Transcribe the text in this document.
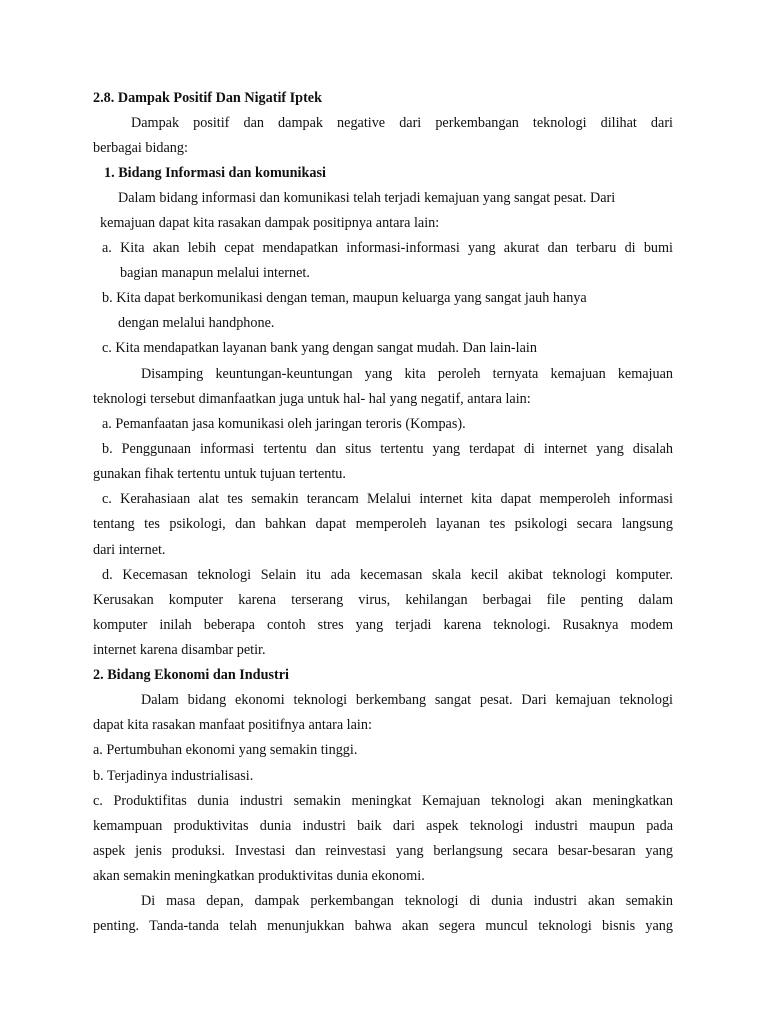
2.8. Dampak Positif Dan Nigatif Iptek

Dampak positif dan dampak negative dari perkembangan teknologi dilihat dari

berbagai bidang:

1. Bidang Informasi dan komunikasi

Dalam bidang informasi dan komunikasi telah terjadi kemajuan yang sangat pesat. Dari

kemajuan dapat kita rasakan dampak positipnya antara lain:

a. Kita akan lebih cepat mendapatkan informasi-informasi yang akurat dan terbaru di bumi

bagian manapun melalui internet.

b. Kita dapat berkomunikasi dengan teman, maupun keluarga yang sangat jauh hanya

dengan melalui handphone.

c. Kita mendapatkan layanan bank yang dengan sangat mudah. Dan lain-lain

Disamping keuntungan-keuntungan yang kita peroleh ternyata kemajuan kemajuan

teknologi tersebut dimanfaatkan juga untuk hal- hal yang negatif, antara lain:

a. Pemanfaatan jasa komunikasi oleh jaringan teroris (Kompas).

b. Penggunaan informasi tertentu dan situs tertentu yang terdapat di internet yang disalah

gunakan fihak tertentu untuk tujuan tertentu.

c. Kerahasiaan alat tes semakin terancam Melalui internet kita dapat memperoleh informasi

tentang tes psikologi, dan bahkan dapat memperoleh layanan tes psikologi secara langsung

dari internet.

d. Kecemasan teknologi Selain itu ada kecemasan skala kecil akibat teknologi komputer.

Kerusakan komputer karena terserang virus, kehilangan berbagai file penting dalam

komputer inilah beberapa contoh stres yang terjadi karena teknologi. Rusaknya modem

internet karena disambar petir.

2. Bidang Ekonomi dan Industri

Dalam bidang ekonomi teknologi berkembang sangat pesat. Dari kemajuan teknologi

dapat kita rasakan manfaat positifnya antara lain:

a. Pertumbuhan ekonomi yang semakin tinggi.

b. Terjadinya industrialisasi.

c. Produktifitas dunia industri semakin meningkat Kemajuan teknologi akan meningkatkan

kemampuan produktivitas dunia industri baik dari aspek teknologi industri maupun pada

aspek jenis produksi. Investasi dan reinvestasi yang berlangsung secara besar-besaran yang

akan semakin meningkatkan produktivitas dunia ekonomi.

Di masa depan, dampak perkembangan teknologi di dunia industri akan semakin

penting. Tanda-tanda telah menunjukkan bahwa akan segera muncul teknologi bisnis yang
